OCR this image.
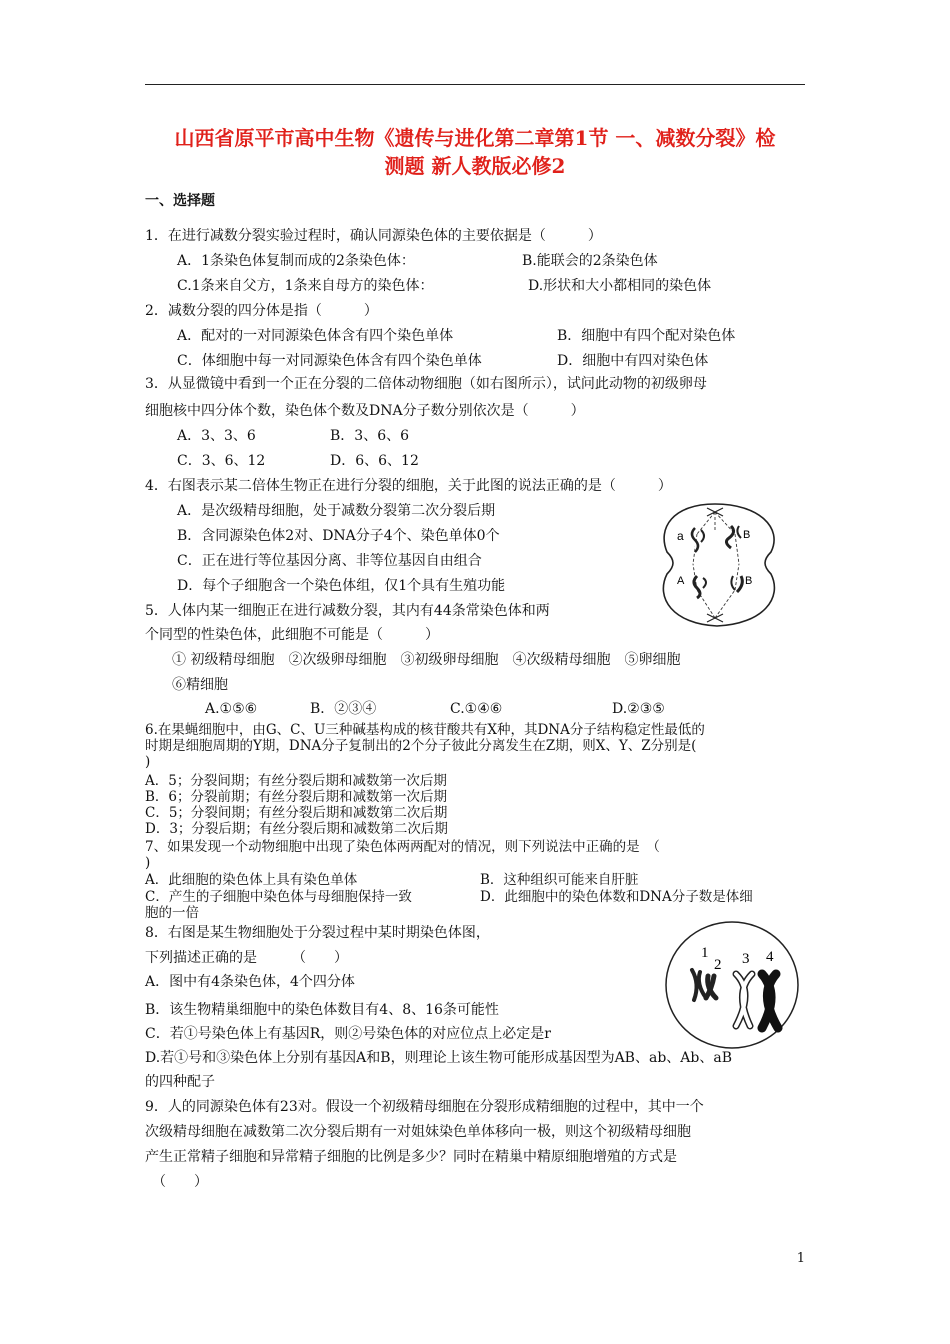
山西省原平市高中生物《遗传与进化第二章第1节 一、减数分裂》检
测题 新人教版必修2
一、选择题
1．在进行减数分裂实验过程时，确认同源染色体的主要依据是（　　　）
A．1条染色体复制而成的2条染色体：	B.能联会的2条染色体
C.1条来自父方，1条来自母方的染色体：	D.形状和大小都相同的染色体
2．减数分裂的四分体是指（　　　）
A．配对的一对同源染色体含有四个染色单体	B．细胞中有四个配对染色体
C．体细胞中每一对同源染色体含有四个染色单体	D．细胞中有四对染色体
3．从显微镜中看到一个正在分裂的二倍体动物细胞（如右图所示），试问此动物的初级卵母
细胞核中四分体个数，染色体个数及DNA分子数分别依次是（　　　）
A．3、3、6	B．3、6、6
C．3、6、12	D．6、6、12
4．右图表示某二倍体生物正在进行分裂的细胞，关于此图的说法正确的是（　　　）
A．是次级精母细胞，处于减数分裂第二次分裂后期
B．含同源染色体2对、DNA分子4个、染色单体0个
C．正在进行等位基因分离、非等位基因自由组合
D．每个子细胞含一个染色体组，仅1个具有生殖功能
5．人体内某一细胞正在进行减数分裂，其内有44条常染色体和两
个同型的性染色体，此细胞不可能是（　　　）
① 初级精母细胞　②次级卵母细胞　③初级卵母细胞　④次级精母细胞　⑤卵细胞
⑥精细胞
A.①⑤⑥	B．②③④	C.①④⑥	D.②③⑤
6.在果蝇细胞中，由G、C、U三种碱基构成的核苷酸共有X种，其DNA分子结构稳定性最低的
时期是细胞周期的Y期，DNA分子复制出的2个分子彼此分离发生在Z期，则X、Y、Z分别是(
)
A．5；分裂间期；有丝分裂后期和减数第一次后期
B．6；分裂前期；有丝分裂后期和减数第一次后期
C．5；分裂间期；有丝分裂后期和减数第二次后期
D．3；分裂后期；有丝分裂后期和减数第二次后期
7、如果发现一个动物细胞中出现了染色体两两配对的情况，则下列说法中正确的是　（
)
A．此细胞的染色体上具有染色单体	B．这种组织可能来自肝脏
C．产生的子细胞中染色体与母细胞保持一致	D．此细胞中的染色体数和DNA分子数是体细
胞的一倍
8．右图是某生物细胞处于分裂过程中某时期染色体图，
下列描述正确的是　　　（　　）
A．图中有4条染色体，4个四分体
B．该生物精巢细胞中的染色体数目有4、8、16条可能性
C．若①号染色体上有基因R，则②号染色体的对应位点上必定是r
D.若①号和③染色体上分别有基因A和B，则理论上该生物可能形成基因型为AB、ab、Ab、aB
的四种配子
9．人的同源染色体有23对。假设一个初级精母细胞在分裂形成精细胞的过程中，其中一个
次级精母细胞在减数第二次分裂后期有一对姐妹染色单体移向一极，则这个初级精母细胞
产生正常精子细胞和异常精子细胞的比例是多少？同时在精巢中精原细胞增殖的方式是
（　　）
a	B
A	B
1
2 3 4
1
